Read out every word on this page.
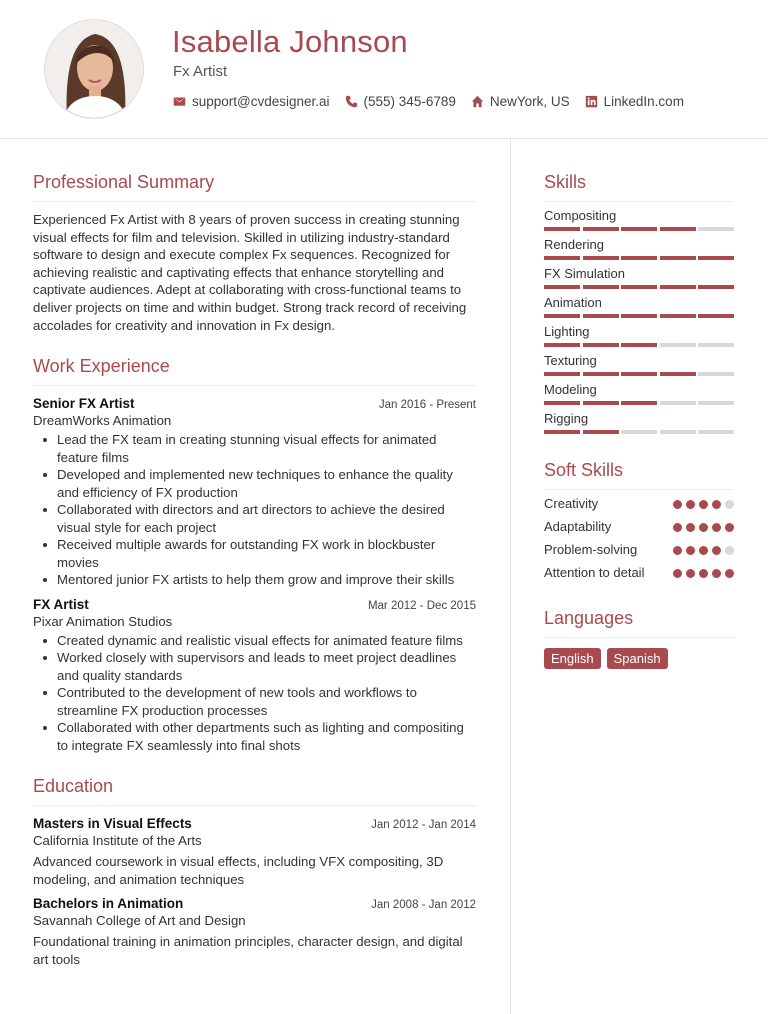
Isabella Johnson
Fx Artist
support@cvdesigner.ai	(555) 345-6789	NewYork, US	LinkedIn.com
Professional Summary

Experienced Fx Artist with 8 years of proven success in creating stunning visual effects for film and television. Skilled in utilizing industry-standard software to design and execute complex Fx sequences. Recognized for achieving realistic and captivating effects that enhance storytelling and captivate audiences. Adept at collaborating with cross-functional teams to deliver projects on time and within budget. Strong track record of receiving accolades for creativity and innovation in Fx design.

Work Experience
Senior FX Artist	Jan 2016 - Present
DreamWorks Animation
Lead the FX team in creating stunning visual effects for animated feature films
Developed and implemented new techniques to enhance the quality and efficiency of FX production
Collaborated with directors and art directors to achieve the desired visual style for each project
Received multiple awards for outstanding FX work in blockbuster movies
Mentored junior FX artists to help them grow and improve their skills
FX Artist	Mar 2012 - Dec 2015
Pixar Animation Studios
Created dynamic and realistic visual effects for animated feature films
Worked closely with supervisors and leads to meet project deadlines and quality standards
Contributed to the development of new tools and workflows to streamline FX production processes
Collaborated with other departments such as lighting and compositing to integrate FX seamlessly into final shots
Education
Masters in Visual Effects	Jan 2012 - Jan 2014
California Institute of the Arts

Advanced coursework in visual effects, including VFX compositing, 3D modeling, and animation techniques

Bachelors in Animation	Jan 2008 - Jan 2012
Savannah College of Art and Design

Foundational training in animation principles, character design, and digital art tools

Skills
Compositing
Rendering
FX Simulation
Animation
Lighting
Texturing
Modeling
Rigging
Soft Skills
Creativity
Adaptability
Problem-solving
Attention to detail
Languages
English	Spanish
